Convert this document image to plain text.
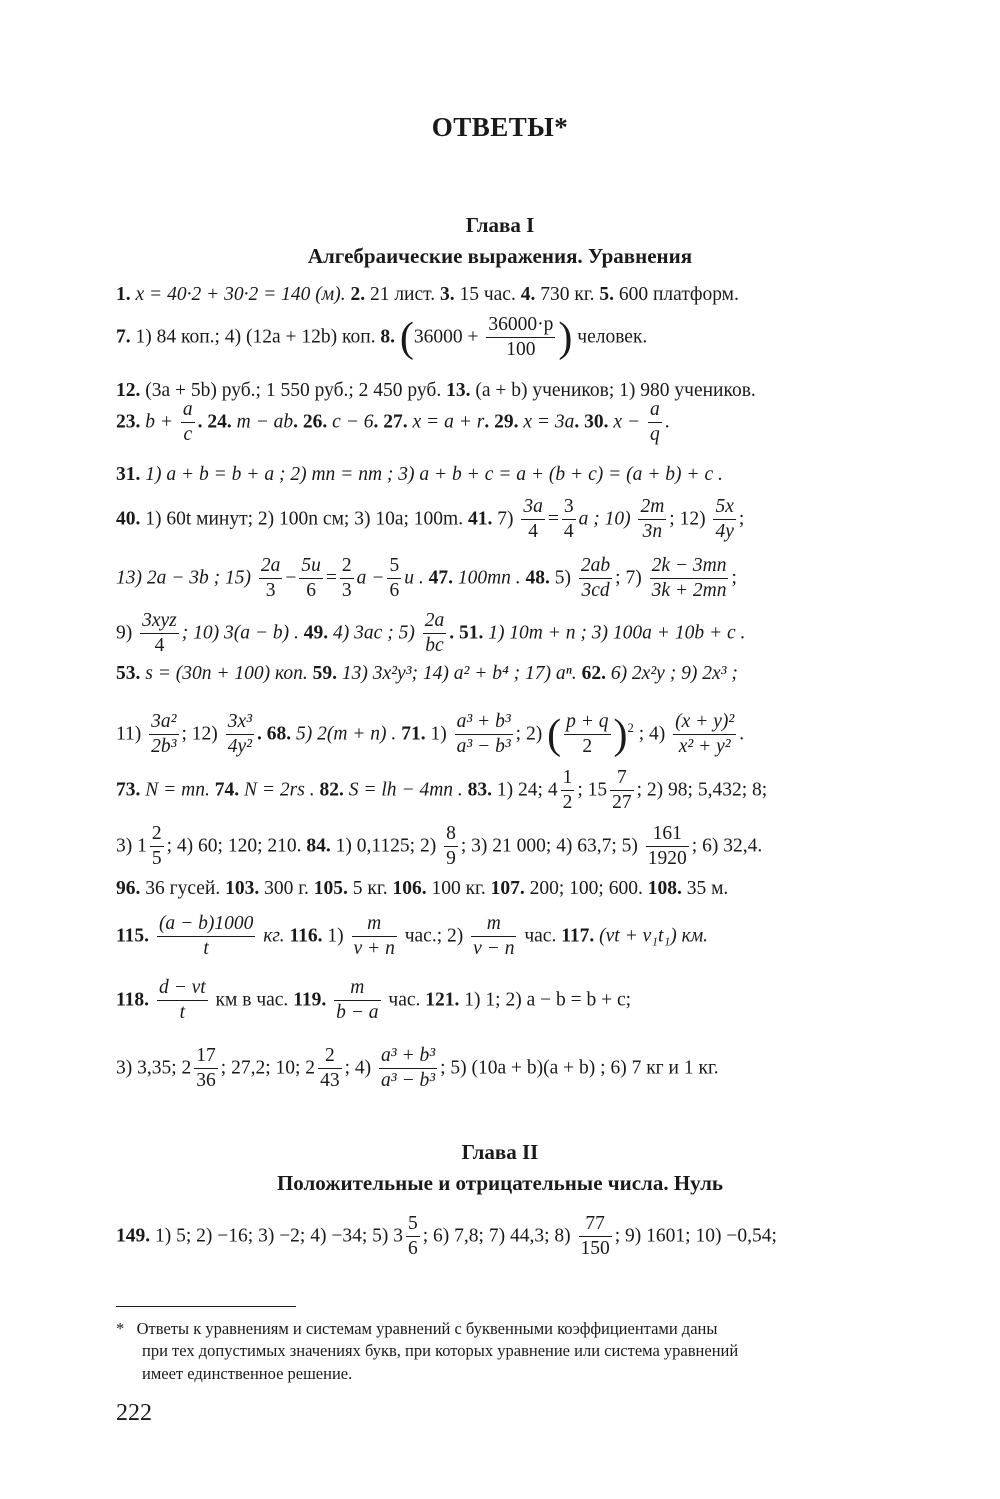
ОТВЕТЫ*
Глава I
Алгебраические выражения. Уравнения
1. x = 40·2 + 30·2 = 140 (м). 2. 21 лист. 3. 15 час. 4. 730 кг. 5. 600 платформ.
7. 1) 84 коп.; 4) (12a + 12b) коп. 8. ($36000 + \frac{36000\cdot p}{100}$ ) человек.
12. (3a + 5b) руб.; 1 550 руб.; 2 450 руб. 13. (a + b) учеников; 1) 980 учеников.
23. $b + \frac{a}{c}$ . 24. m − ab. 26. c − 6. 27. x = a + r. 29. x = 3a. 30. $x - \frac{a}{q}$ .
31. 1) a + b = b + a ; 2) mn = nm ; 3) a + b + c = a + (b + c) = (a + b) + c .
40. 1) 60t минут; 2) 100n см; 3) 10a; 100m. 41. $7) \frac{3a}{4} = \frac{3}{4}$ a ; $10) \frac{2m}{3n}$ ; $12) \frac{5x}{4y}$ ;
13) 2a − 3b ; $15) \frac{2a}{3} - \frac{5u}{6} = \frac{2}{3}$ $a - \frac{5}{6}$ u . 47. 100mn . 48. $5) \frac{2ab}{3cd}$ ; $7) \frac{2k - 3mn}{3k + 2mn}$ ;
$9) \frac{\text{3xyz}}{4}$ ; 10) 3(a − b) . 49. 4) 3ac ; $5) \frac{2a}{bc}$ . 51. 1) 10m + n ; 3) 100a + 10b + c .
53. s = (30n + 100) коп. 59. 13) 3x²y³; 14) a² + b⁴ ; 17) aⁿ. 62. 6) 2x²y ; 9) 2x³ ;
$11) \frac{\text{3a²}}{\text{2b³}}$ ; $12) \frac{\text{3x³}}{\text{4y²}}$ . 68. 5) 2(m + n) . 71. $1) \frac{\text{a³ + b³}}{\text{a³ − b³}}$ ; 2) ( $\frac{p + q}{2} )^2$ ; $4) \frac{\text{(x + y)²}}{\text{x² + y²}}$ .
73. N = mn. 74. N = 2rs . 82. S = lh − 4mn . 83. 1) 24; $4 \frac{1}{2}$ ; $15 \frac{7}{27}$ ; 2) 98; 5,432; 8;
3) $1 \frac{2}{5}$ ; 4) 60; 120; 210. 84. 1) 0,1125; $2) \frac{8}{9}$ ; 3) 21 000; 4) 63,7; $5) \frac{161}{1920}$ ; 6) 32,4.
96. 36 гусей. 103. 300 г. 105. 5 кг. 106. 100 кг. 107. 200; 100; 600. 108. 35 м.
115. $\frac{(a - b)1000}{t}$ кг. 116. $1) \frac{m}{v + n}$ час.; $2) \frac{m}{v - n}$ час. 117. (vt + v₁t₁) км.
118. $\frac{d - vt}{t}$ км в час. 119. $\frac{m}{b - a}$ час. 121. 1) 1; 2) a − b = b + c;
3) 3,35; $2 \frac{17}{36}$ ; 27,2; 10; $2 \frac{2}{43}$ ; $4) \frac{\text{a³ + b³}}{\text{a³ − b³}}$ ; 5) (10a + b)(a + b) ; 6) 7 кг и 1 кг.
Глава II
Положительные и отрицательные числа. Нуль
149. 1) 5; 2) −16; 3) −2; 4) −34; 5) $3 \frac{5}{6}$ ; 6) 7,8; 7) 44,3; $8) \frac{77}{150}$ ; 9) 1601; 10) −0,54;
* Ответы к уравнениям и системам уравнений с буквенными коэффициентами даны
при тех допустимых значениях букв, при которых уравнение или система уравнений
имеет единственное решение.
222
